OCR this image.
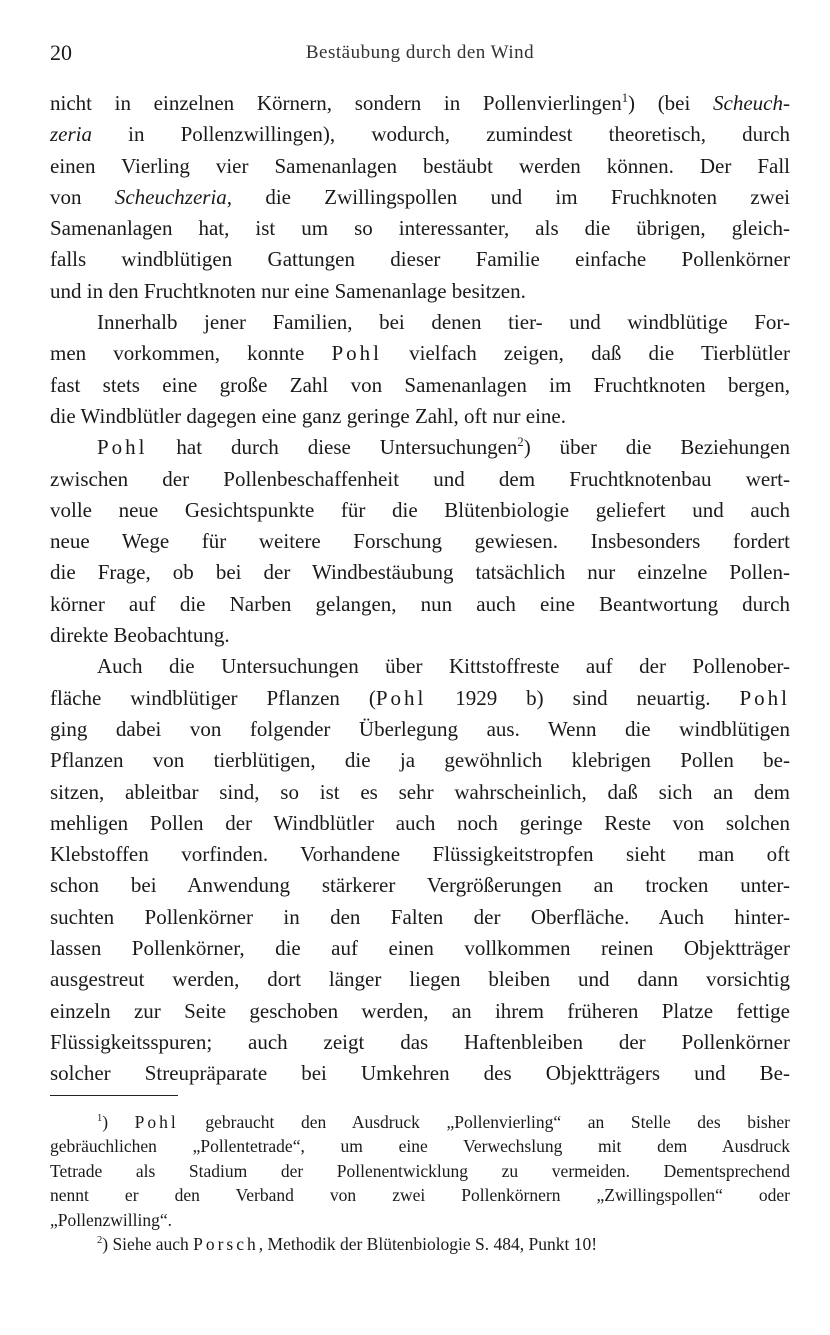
20	Bestäubung durch den Wind
nicht in einzelnen Körnern, sondern in Pollenvierlingen$^1$) (bei Scheuch-
zeria in Pollenzwillingen), wodurch, zumindest theoretisch, durch
einen Vierling vier Samenanlagen bestäubt werden können. Der Fall
von Scheuchzeria, die Zwillingspollen und im Fruchknoten zwei
Samenanlagen hat, ist um so interessanter, als die übrigen, gleich-
falls windblütigen Gattungen dieser Familie einfache Pollenkörner
und in den Fruchtknoten nur eine Samenanlage besitzen.
Innerhalb jener Familien, bei denen tier- und windblütige For-
men vorkommen, konnte Pohl vielfach zeigen, daß die Tierblütler
fast stets eine große Zahl von Samenanlagen im Fruchtknoten bergen,
die Windblütler dagegen eine ganz geringe Zahl, oft nur eine.
Pohl hat durch diese Untersuchungen$^2$) über die Beziehungen
zwischen der Pollenbeschaffenheit und dem Fruchtknotenbau wert-
volle neue Gesichtspunkte für die Blütenbiologie geliefert und auch
neue Wege für weitere Forschung gewiesen. Insbesonders fordert
die Frage, ob bei der Windbestäubung tatsächlich nur einzelne Pollen-
körner auf die Narben gelangen, nun auch eine Beantwortung durch
direkte Beobachtung.
Auch die Untersuchungen über Kittstoffreste auf der Pollenober-
fläche windblütiger Pflanzen (Pohl 1929 b) sind neuartig. Pohl
ging dabei von folgender Überlegung aus. Wenn die windblütigen
Pflanzen von tierblütigen, die ja gewöhnlich klebrigen Pollen be-
sitzen, ableitbar sind, so ist es sehr wahrscheinlich, daß sich an dem
mehligen Pollen der Windblütler auch noch geringe Reste von solchen
Klebstoffen vorfinden. Vorhandene Flüssigkeitstropfen sieht man oft
schon bei Anwendung stärkerer Vergrößerungen an trocken unter-
suchten Pollenkörner in den Falten der Oberfläche. Auch hinter-
lassen Pollenkörner, die auf einen vollkommen reinen Objektträger
ausgestreut werden, dort länger liegen bleiben und dann vorsichtig
einzeln zur Seite geschoben werden, an ihrem früheren Platze fettige
Flüssigkeitsspuren; auch zeigt das Haftenbleiben der Pollenkörner
solcher Streupräparate bei Umkehren des Objektträgers und Be-
$^1$) Pohl gebraucht den Ausdruck „Pollenvierling“ an Stelle des bisher
gebräuchlichen „Pollentetrade“, um eine Verwechslung mit dem Ausdruck
Tetrade als Stadium der Pollenentwicklung zu vermeiden. Dementsprechend
nennt er den Verband von zwei Pollenkörnern „Zwillingspollen“ oder
„Pollenzwilling“.
$^2$) Siehe auch Porsch, Methodik der Blütenbiologie S. 484, Punkt 10!
